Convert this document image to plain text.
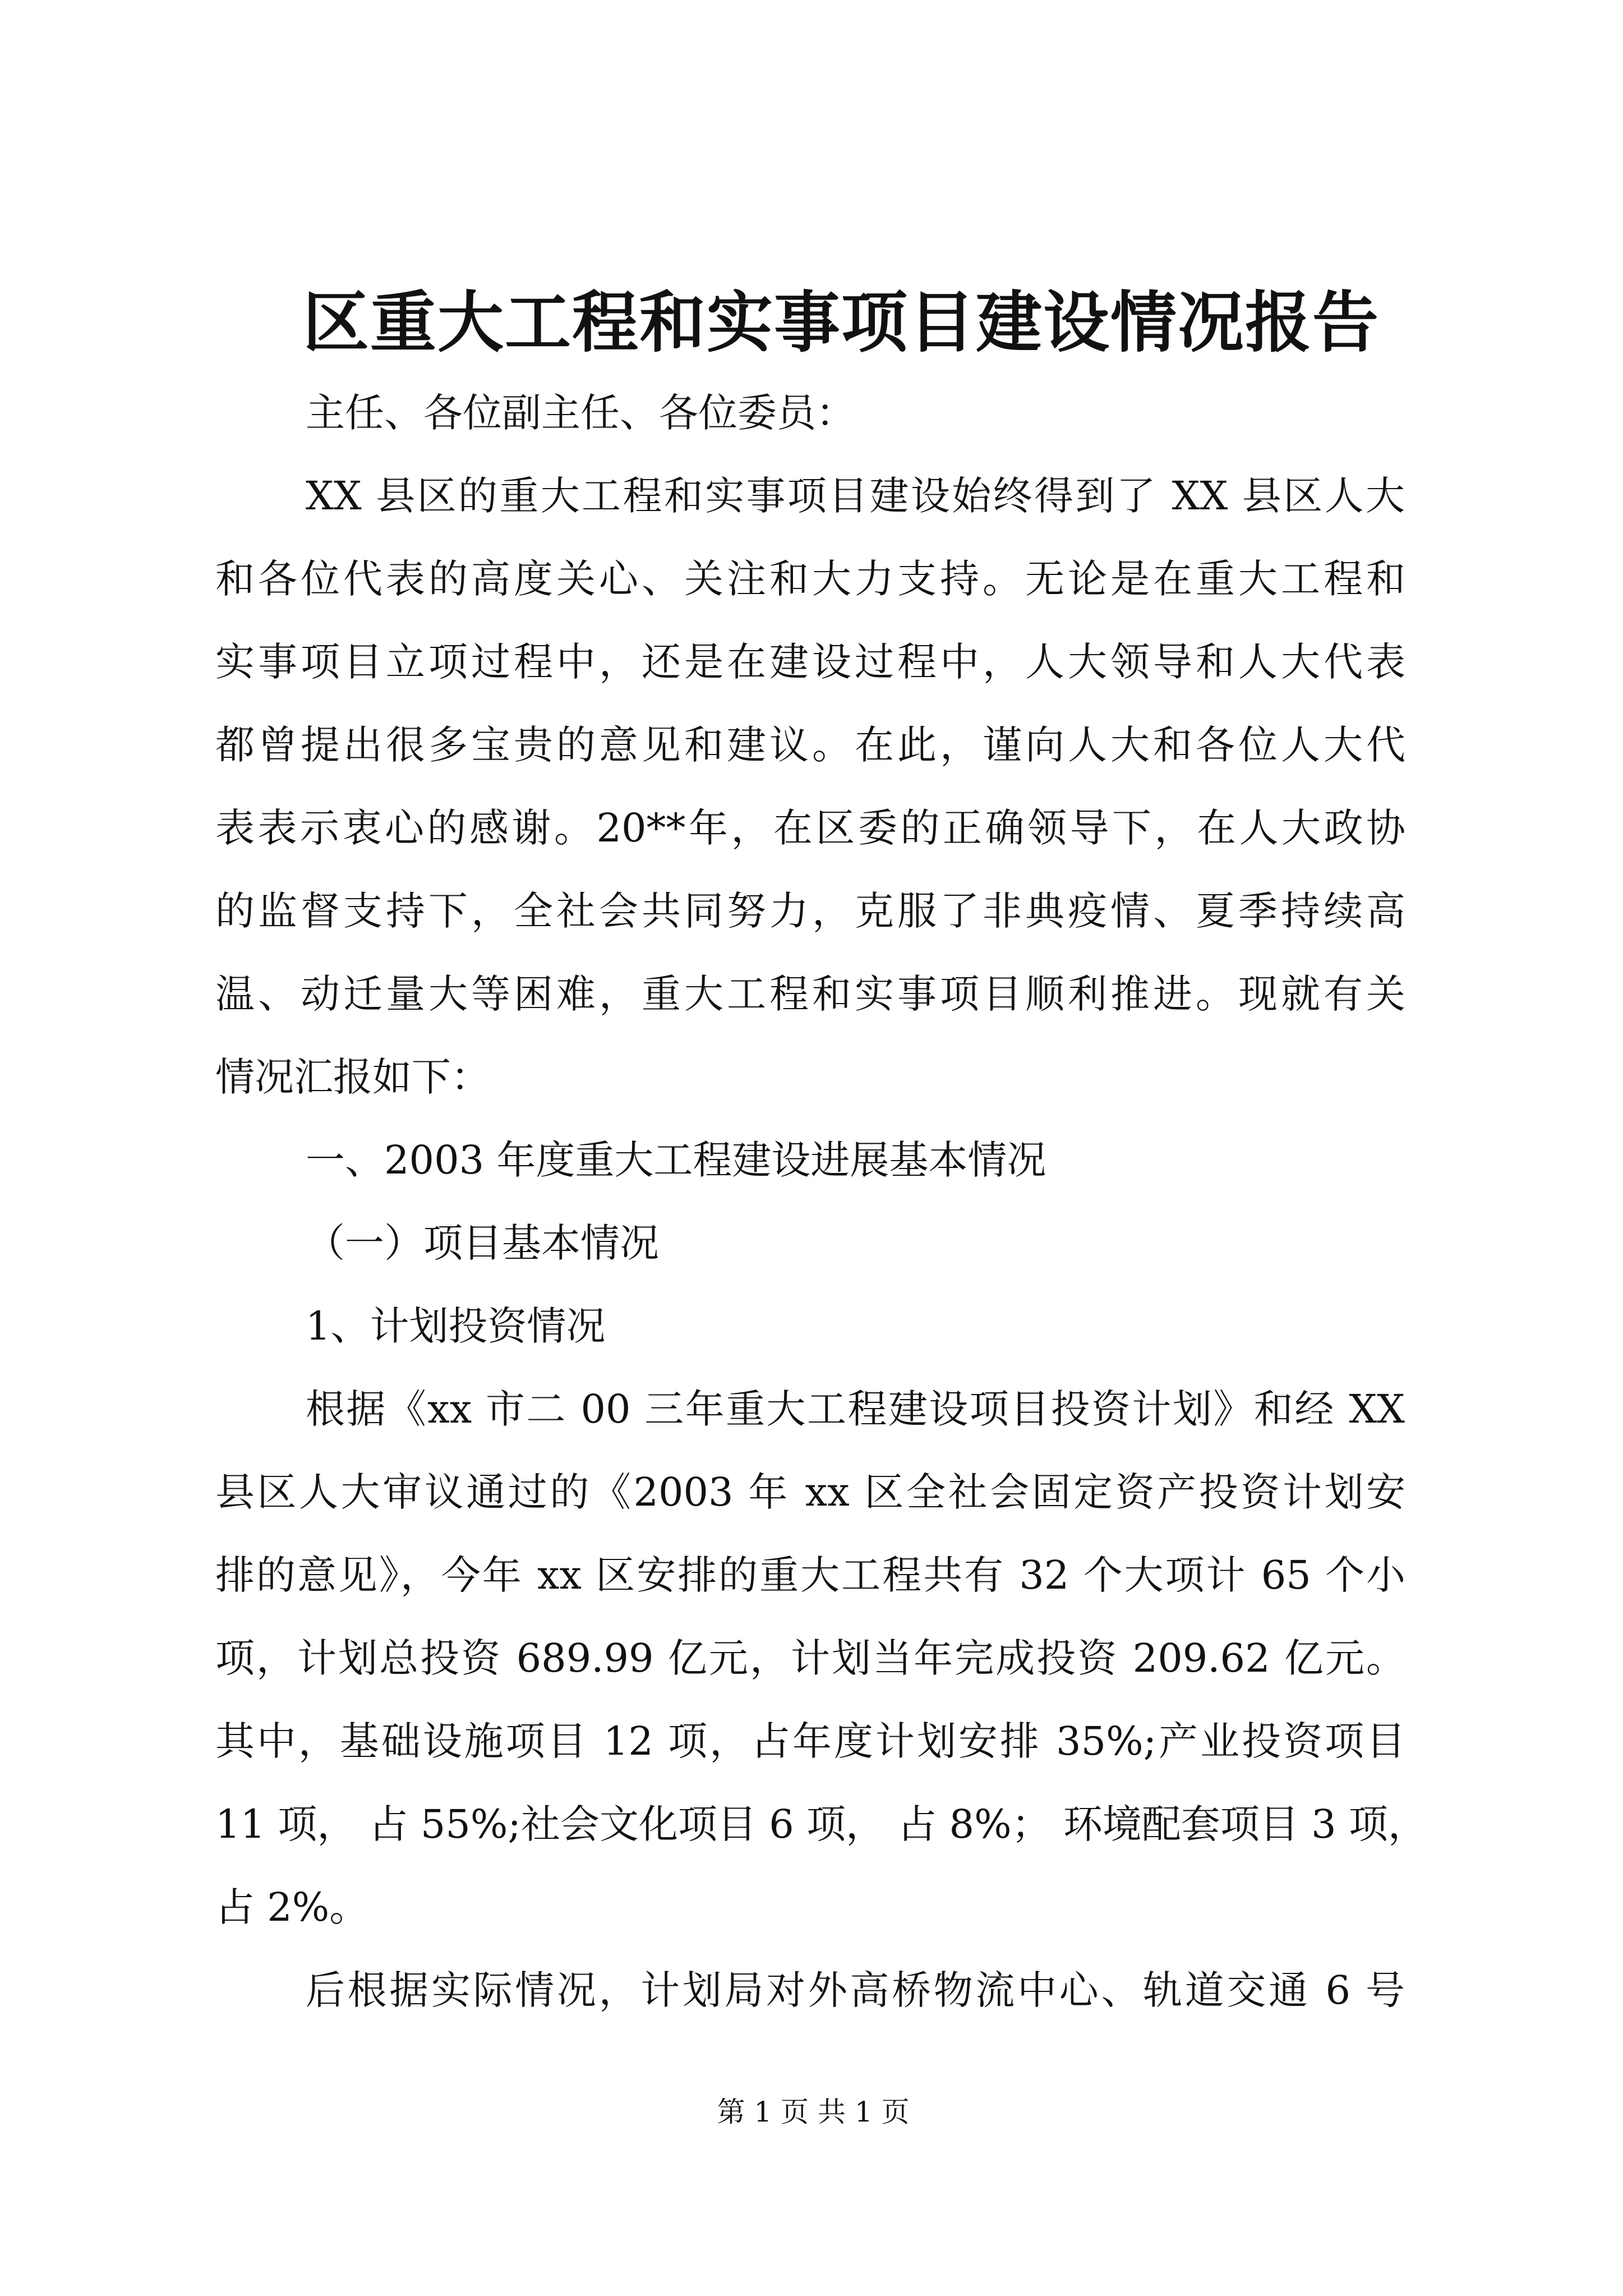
区重大工程和实事项目建设情况报告
主任、各位副主任、各位委员：
XX 县区的重大工程和实事项目建设始终得到了 XX 县区人大
和各位代表的高度关心、关注和大力支持。无论是在重大工程和
实事项目立项过程中，还是在建设过程中，人大领导和人大代表
都曾提出很多宝贵的意见和建议。在此，谨向人大和各位人大代
表表示衷心的感谢。20**年，在区委的正确领导下，在人大政协
的监督支持下，全社会共同努力，克服了非典疫情、夏季持续高
温、动迁量大等困难，重大工程和实事项目顺利推进。现就有关
情况汇报如下：
一、2003 年度重大工程建设进展基本情况
（一）项目基本情况
1、计划投资情况
根据《xx 市二 00 三年重大工程建设项目投资计划》和经 XX
县区人大审议通过的《2003 年 xx 区全社会固定资产投资计划安
排的意见》，今年 xx 区安排的重大工程共有 32 个大项计 65 个小
项，计划总投资 689.99 亿元，计划当年完成投资 209.62 亿元。
其中，基础设施项目 12 项，占年度计划安排 35%;产业投资项目
11 项， 占 55%;社会文化项目 6 项， 占 8%； 环境配套项目 3 项，
占 2%。
后根据实际情况，计划局对外高桥物流中心、轨道交通 6 号
第 1 页 共 1 页
